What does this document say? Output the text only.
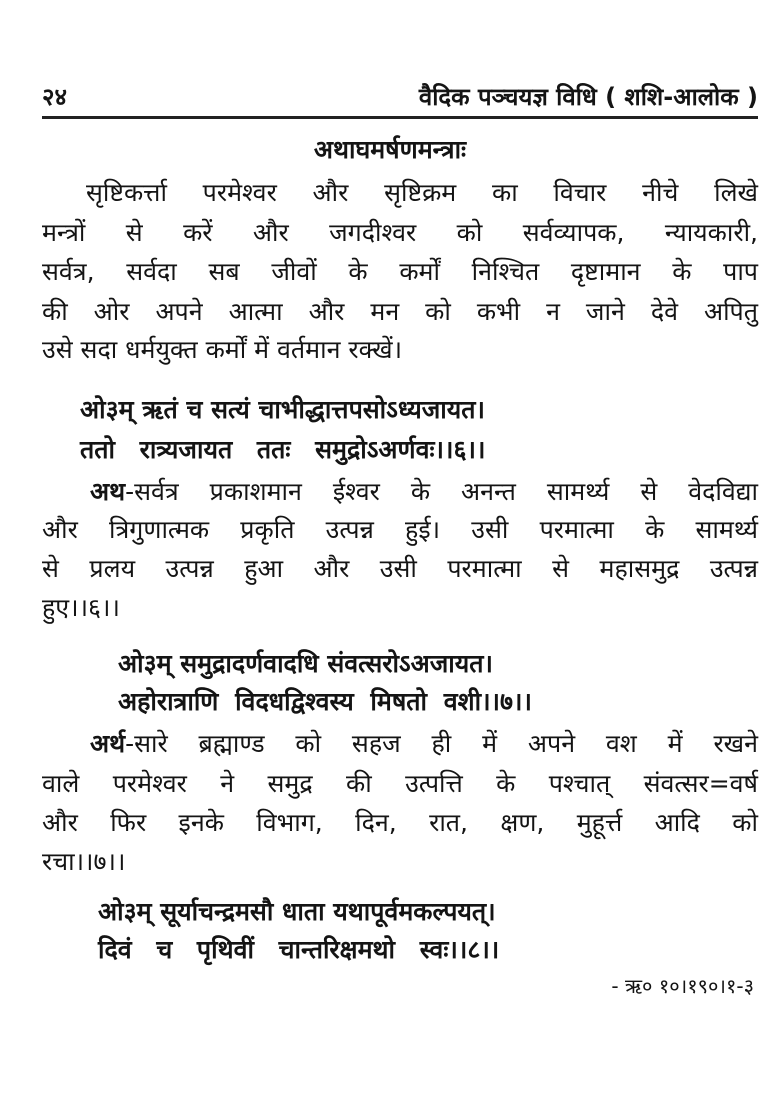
२४	वैदिक पञ्चयज्ञ विधि ( शशि-आलोक )
अथाघमर्षणमन्त्राः
सृष्टिकर्त्ता परमेश्वर और सृष्टिक्रम का विचार नीचे लिखे
मन्त्रों से करें और जगदीश्वर को सर्वव्यापक, न्यायकारी,
सर्वत्र, सर्वदा सब जीवों के कर्मों निश्चित दृष्टामान के पाप
की ओर अपने आत्मा और मन को कभी न जाने देवे अपितु
उसे सदा धर्मयुक्त कर्मों में वर्तमान रक्खें।
ओ३म् ऋतं च सत्यं चाभीद्धात्तपसोऽध्यजायत।
ततो रात्र्यजायत ततः समुद्रोऽअर्णवः।।६।।
अथ-सर्वत्र प्रकाशमान ईश्वर के अनन्त सामर्थ्य से वेदविद्या
और त्रिगुणात्मक प्रकृति उत्पन्न हुई। उसी परमात्मा के सामर्थ्य
से प्रलय उत्पन्न हुआ और उसी परमात्मा से महासमुद्र उत्पन्न
हुए।।६।।
ओ३म् समुद्रादर्णवादधि संवत्सरोऽअजायत।
अहोरात्राणि विदधद्विश्वस्य मिषतो वशी।।७।।
अर्थ-सारे ब्रह्माण्ड को सहज ही में अपने वश में रखने
वाले परमेश्वर ने समुद्र की उत्पत्ति के पश्चात् संवत्सर=वर्ष
और फिर इनके विभाग, दिन, रात, क्षण, मुहूर्त्त आदि को
रचा।।७।।
ओ३म् सूर्याचन्द्रमसौ धाता यथापूर्वमकल्पयत्।
दिवं च पृथिवीं चान्तरिक्षमथो स्वः।।८।।
- ऋ० १०।१९०।१-३
